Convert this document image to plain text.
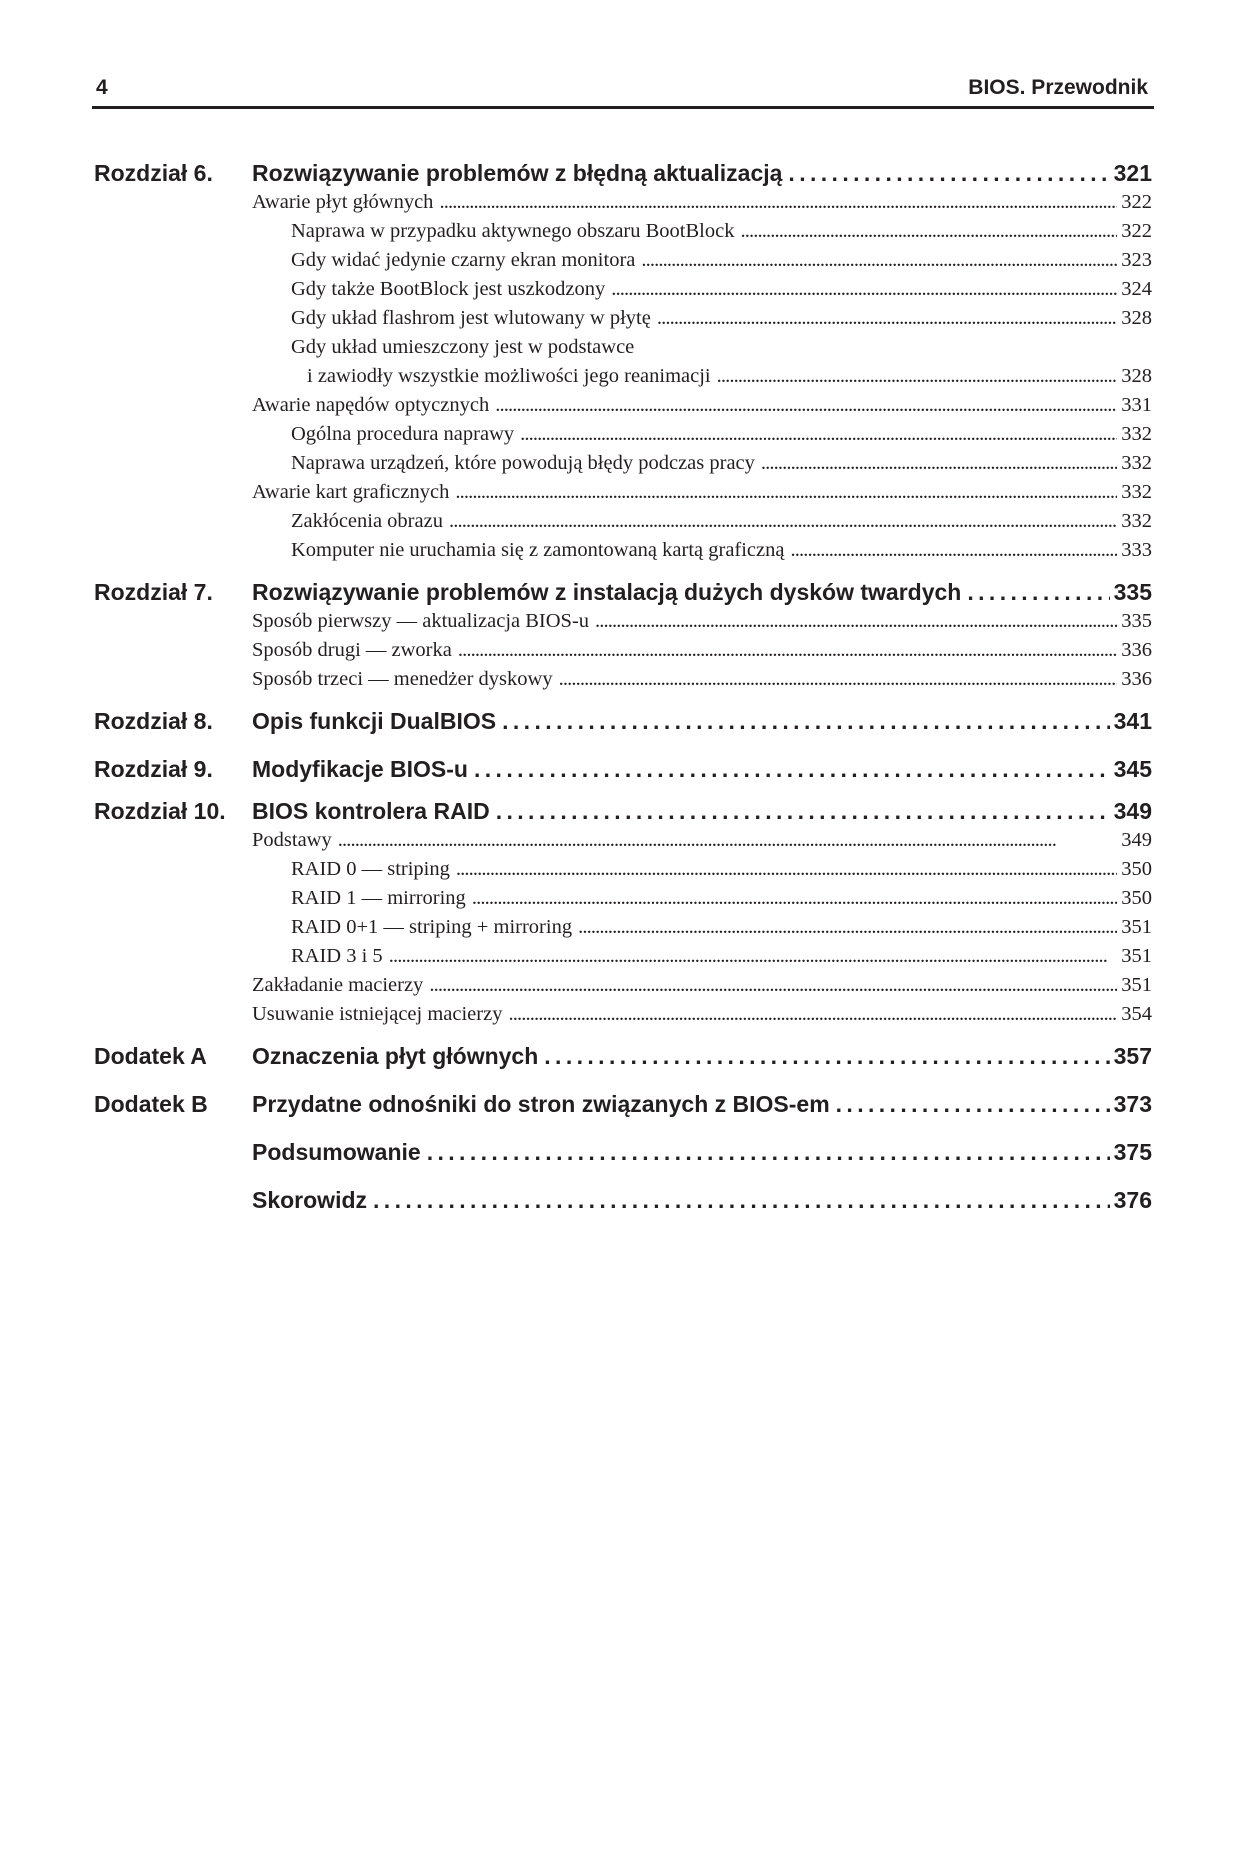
4	BIOS. Przewodnik
Rozdział 6. Rozwiązywanie problemów z błędną aktualizacją . . .	321
Awarie płyt głównych . . .	322
Naprawa w przypadku aktywnego obszaru BootBlock . . .	322
Gdy widać jedynie czarny ekran monitora . . .	323
Gdy także BootBlock jest uszkodzony . . .	324
Gdy układ flashrom jest wlutowany w płytę . . .	328
Gdy układ umieszczony jest w podstawce
i zawiodły wszystkie możliwości jego reanimacji . . .	328
Awarie napędów optycznych . . .	331
Ogólna procedura naprawy . . .	332
Naprawa urządzeń, które powodują błędy podczas pracy . . .	332
Awarie kart graficznych . . .	332
Zakłócenia obrazu . . .	332
Komputer nie uruchamia się z zamontowaną kartą graficzną . . .	333
Rozdział 7. Rozwiązywanie problemów z instalacją dużych dysków twardych . . .	335
Sposób pierwszy — aktualizacja BIOS-u . . .	335
Sposób drugi — zworka . . .	336
Sposób trzeci — menedżer dyskowy . . .	336
Rozdział 8. Opis funkcji DualBIOS . . .	341
Rozdział 9. Modyfikacje BIOS-u . . .	345
Rozdział 10. BIOS kontrolera RAID . . .	349
Podstawy . . .	349
RAID 0 — striping . . .	350
RAID 1 — mirroring . . .	350
RAID 0+1 — striping + mirroring . . .	351
RAID 3 i 5 . . .	351
Zakładanie macierzy . . .	351
Usuwanie istniejącej macierzy . . .	354
Dodatek A Oznaczenia płyt głównych . . .	357
Dodatek B Przydatne odnośniki do stron związanych z BIOS-em . . .	373
Podsumowanie . . .	375
Skorowidz . . .	376
